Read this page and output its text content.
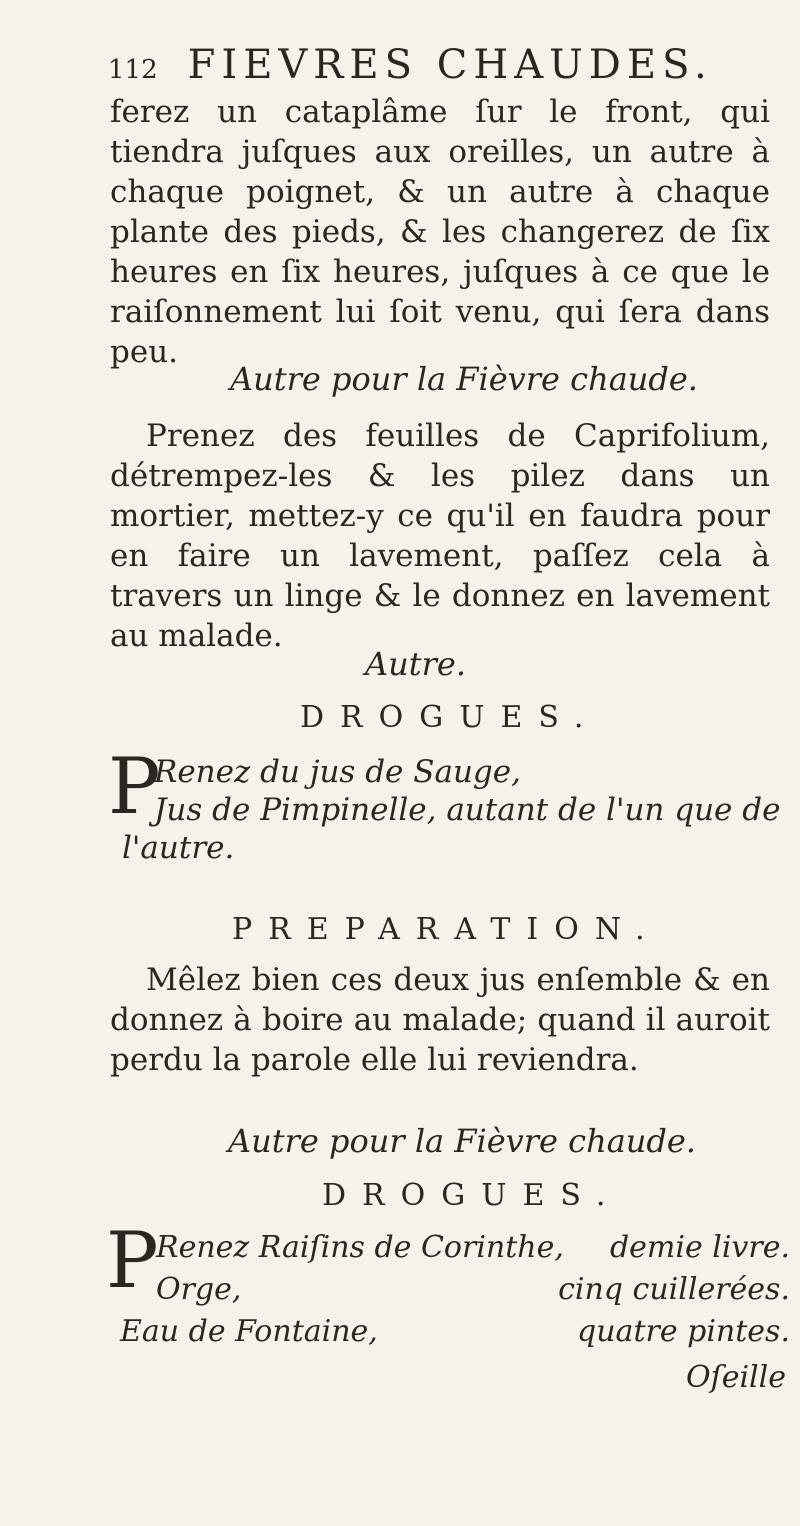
112 FIEVRES CHAUDES.
ferez un cataplâme ſur le front, qui tiendra juſques aux oreilles, un autre à chaque poignet, & un autre à chaque plante des pieds, & les changerez de ſix heures en ſix heures, juſques à ce que le raiſonnement lui ſoit venu, qui ſera dans peu.
Autre pour la Fièvre chaude.
Prenez des feuilles de Caprifolium, détrempez-les & les pilez dans un mortier, mettez-y ce qu'il en faudra pour en faire un lavement, paſſez cela à travers un linge & le donnez en lavement au malade.
Autre.
DROGUES.
P
Renez du jus de Sauge,
Jus de Pimpinelle, autant de l'un que de
l'autre.
PREPARATION.
Mêlez bien ces deux jus enſemble & en donnez à boire au malade; quand il auroit perdu la parole elle lui reviendra.
Autre pour la Fièvre chaude.
DROGUES.
P
Renez Raiſins de Corinthe, demie livre.
Orge,	cinq cuillerées.
Eau de Fontaine,	quatre pintes.
Oſeille
